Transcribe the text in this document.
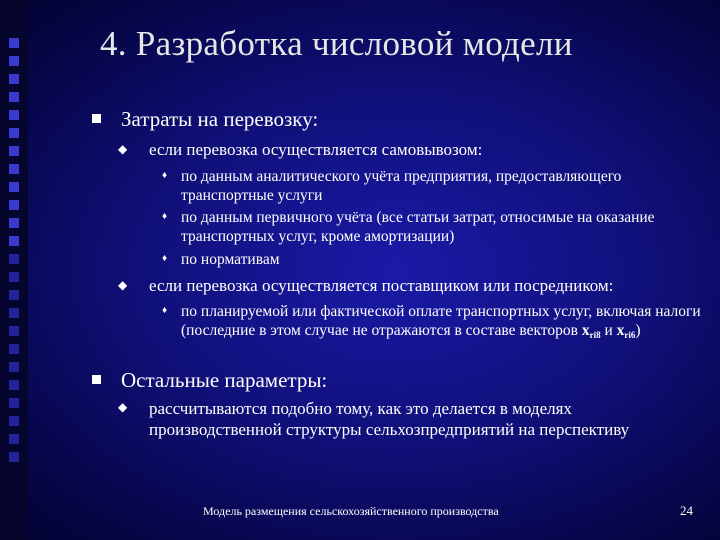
4. Разработка числовой модели
Затраты на перевозку:
◆ если перевозка осуществляется самовывозом:
♦ по данным аналитического учёта предприятия, предоставляющего транспортные услуги
♦ по данным первичного учёта (все статьи затрат, относимые на оказание транспортных услуг, кроме амортизации)
♦ по нормативам
◆ если перевозка осуществляется поставщиком или посредником:
♦ по планируемой или фактической оплате транспортных услуг, включая налоги (последние в этом случае не отражаются в составе векторов $x_{ri8}$ и $x_{ri6}$)
Остальные параметры:
◆ рассчитываются подобно тому, как это делается в моделях производственной структуры сельхозпредприятий на перспективу
Модель размещения сельскохозяйственного производства	24
